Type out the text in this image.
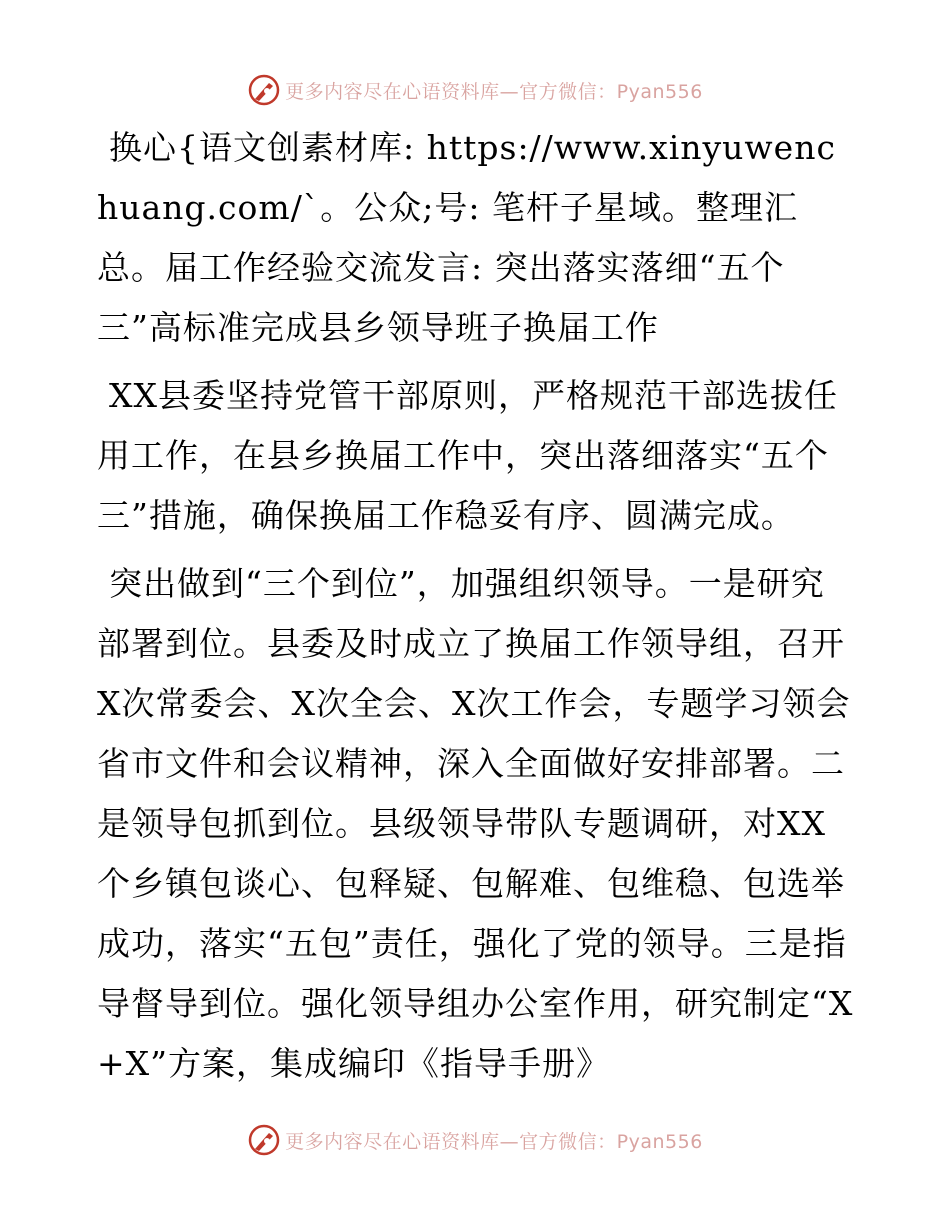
更多内容尽在心语资料库—官方微信：Pyan556

换心{语文创素材库: https://www.xinyuwenchuang.com/`。公众;号: 笔杆子星域。整理汇总。届工作经验交流发言: 突出落实落细“五个三”高标准完成县乡领导班子换届工作

XX县委坚持党管干部原则，严格规范干部选拔任用工作，在县乡换届工作中，突出落细落实“五个三”措施，确保换届工作稳妥有序、圆满完成。

突出做到“三个到位”，加强组织领导。一是研究部署到位。县委及时成立了换届工作领导组，召开X次常委会、X次全会、X次工作会，专题学习领会省市文件和会议精神，深入全面做好安排部署。二是领导包抓到位。县级领导带队专题调研，对XX个乡镇包谈心、包释疑、包解难、包维稳、包选举成功，落实“五包”责任，强化了党的领导。三是指导督导到位。强化领导组办公室作用，研究制定“X+X”方案，集成编印《指导手册》

更多内容尽在心语资料库—官方微信：Pyan556
